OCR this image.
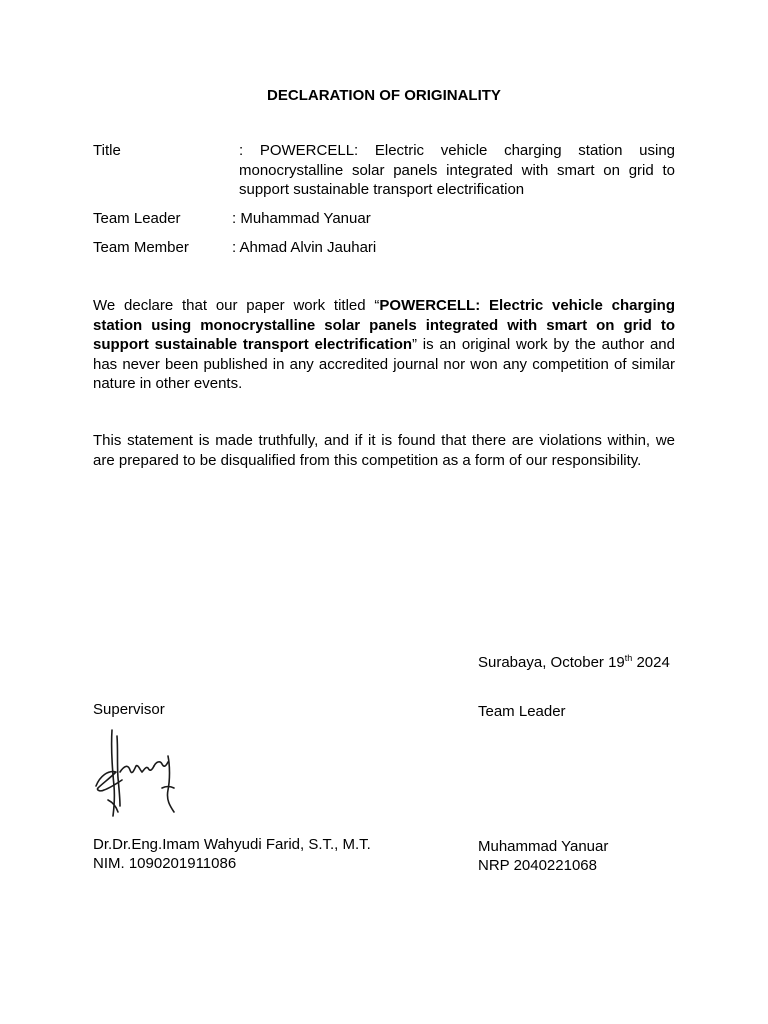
DECLARATION OF ORIGINALITY
Title	: POWERCELL: Electric vehicle charging station using monocrystalline solar panels integrated with smart on grid to support sustainable transport electrification
Team Leader	: Muhammad Yanuar
Team Member	: Ahmad Alvin Jauhari
We declare that our paper work titled “POWERCELL: Electric vehicle charging station using monocrystalline solar panels integrated with smart on grid to support sustainable transport electrification” is an original work by the author and has never been published in any accredited journal nor won any competition of similar nature in other events.
This statement is made truthfully, and if it is found that there are violations within, we are prepared to be disqualified from this competition as a form of our responsibility.
Surabaya, October 19th 2024
Supervisor
Dr.Dr.Eng.Imam Wahyudi Farid, S.T., M.T.
NIM. 1090201911086
Team Leader
Muhammad Yanuar
NRP 2040221068
